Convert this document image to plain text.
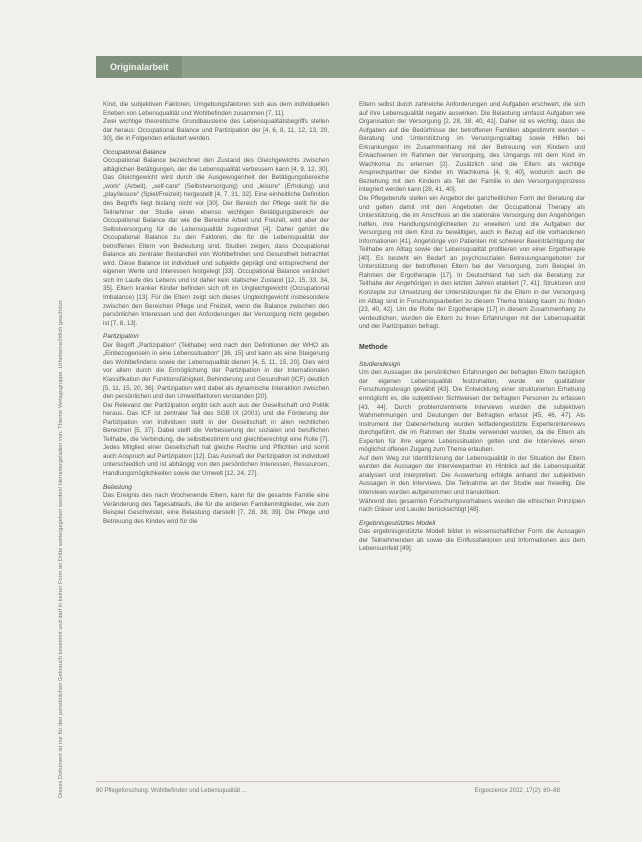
Originalarbeit
Dieses Dokument ist nur für den persönlichen Gebrauch bestimmt und darf in keiner Form an Dritte weitergegeben werden! Heruntergeladen von: Thieme Verlagsgruppe. Urheberrechtlich geschützt.

Kind, die subjektiven Faktoren, Umgebungsfaktoren sich aus dem individuellen Erleben von Lebensqualität und Wohlbefinden zusammen [7, 11].

Zwei wichtige theoretische Grundbausteine des Lebensqualitätsbegriffs stellen dar heraus: Occupational Balance und Partizipation der [4, 6, 8, 11, 12, 13, 20, 30], die in Folgenden erläutert werden.

Occupational Balance

Occupational Balance bezeichnet den Zustand des Gleichgewichts zwischen alltäglichen Betätigungen, der die Lebensqualität verbessern kann [4, 9, 12, 30]. Das Gleichgewicht wird durch die Ausgewogenheit der Betätigungsbereiche „work“ (Arbeit), „self-care“ (Selbstversorgung) und „leisure“ (Erholung) und „play/leisure“ (Spiel/Freizeit) hergestellt [4, 7, 31, 32]. Eine einheitliche Definition des Begriffs liegt bislang nicht vor [30]. Der Bereich der Pflege stellt für die Teilnehmer der Studie einen ebenso wichtigen Betätigungsbereich der Occupational Balance dar wie die Bereiche Arbeit und Freizeit, wird aber der Selbstversorgung für die Lebensqualität zugeordnet [4]. Daher gehört die Occupational Balance zu den Faktoren, die für die Lebensqualität der betroffenen Eltern von Bedeutung sind. Studien zeigen, dass Occupational Balance als zentraler Bestandteil von Wohlbefinden und Gesundheit betrachtet wird. Diese Balance ist individuell und subjektiv geprägt und entsprechend der eigenen Werte und Interessen festgelegt [33]. Occupational Balance verändert sich im Laufe des Lebens und ist daher kein statischer Zustand [12, 15, 33, 34, 35]. Eltern kranker Kinder befinden sich oft im Ungleichgewicht (Occupational Imbalance) [13]. Für die Eltern zeigt sich dieses Ungleichgewicht insbesondere zwischen den Bereichen Pflege und Freizeit, wenn die Balance zwischen den persönlichen Interessen und den Anforderungen der Versorgung nicht gegeben ist [7, 8, 13].

Partizipation

Der Begriff „Partizipation“ (Teilhabe) wird nach den Definitionen der WHO als „Einbezogensein in eine Lebenssituation“ [36, 15] und kann als eine Steigerung des Wohlbefindens sowie der Lebensqualität dienen [4, 5, 11, 15, 20]. Dies wird vor allem durch die Ermöglichung der Partizipation in der Internationalen Klassifikation der Funktionsfähigkeit, Behinderung und Gesundheit (ICF) deutlich [5, 11, 15, 20, 36]. Partizipation wird dabei als dynamische Interaktion zwischen den persönlichen und den Umweltfaktoren verstanden [20].

Die Relevanz der Partizipation ergibt sich auch aus der Gesellschaft und Politik heraus. Das ICF ist zentraler Teil des SGB IX (2001) und die Förderung der Partizipation von Individuen stellt in der Gesellschaft in allen rechtlichen Bereichen [5, 37]. Dabei stellt die Verbesserung der sozialen und beruflichen Teilhabe, die Verbindung, die selbstbestimmt und gleichberechtigt eine Rolle [7]. Jedes Mitglied einer Gesellschaft hat gleiche Rechte und Pflichten und somit auch Anspruch auf Partizipation [12]. Das Ausmaß der Partizipation ist individuell unterschiedlich und ist abhängig von den persönlichen Interessen, Ressourcen, Handlungsmöglichkeiten sowie der Umwelt [12, 24, 27].

Belastung

Das Ereignis des nach Wochenende Eltern, kann für die gesamte Familie eine Veränderung des Tagesablaufs, die für die anderen Familienmitglieder, wie zum Beispiel Geschwister, eine Belastung darstellt [7, 28, 38, 39]. Die Pflege und Betreuung des Kindes wird für die

Eltern selbst durch zahlreiche Anforderungen und Aufgaben erschwert, die sich auf ihre Lebensqualität negativ auswirken. Die Belastung umfasst Aufgaben wie Organisation der Versorgung [2, 28, 38, 40, 41]. Daher ist es wichtig, dass die Aufgaben auf die Bedürfnisse der betroffenen Familien abgestimmt werden – Beratung und Unterstützung im Versorgungsalltag sowie Hilfen bei Erkrankungen im Zusammenhang mit der Betreuung von Kindern und Erwachsenen im Rahmen der Versorgung, des Umgangs mit dem Kind im Wachkoma zu erlernen [2]. Zusätzlich sind die Eltern als wichtige Ansprechpartner der Kinder im Wachkoma [4, 9, 40], wodurch auch die Beziehung mit den Kindern als Teil der Familie in den Versorgungsprozess integriert werden kann [28, 41, 40].

Die Pflegeberufe stellen ein Angebot der ganzheitlichen Form der Beratung dar und gelten damit mit den Angeboten der Occupational Therapy als Unterstützung, die im Anschluss an die stationäre Versorgung den Angehörigen helfen, ihre Handlungsmöglichkeiten zu erweitern und die Aufgaben der Versorgung mit dem Kind zu bewältigen, auch in Bezug auf die vorhandenen Informationen [41]. Angehörige von Patienten mit schwerer Beeinträchtigung der Teilhabe am Alltag sowie der Lebensqualität profitieren von einer Ergotherapie [40]. Es besteht ein Bedarf an psychosozialen Betreuungsangeboten zur Unterstützung der betroffenen Eltern bei der Versorgung, zum Beispiel im Rahmen der Ergotherapie [17]. In Deutschland hat sich die Beratung zur Teilhabe der Angehörigen in den letzten Jahren etabliert [7, 41]. Strukturen und Konzepte zur Umsetzung der Unterstützungen für die Eltern in der Versorgung im Alltag sind in Forschungsarbeiten zu diesem Thema bislang kaum zu finden [23, 40, 42]. Um die Rolle der Ergotherapie [17] in diesem Zusammenhang zu verdeutlichen, wurden die Eltern zu ihren Erfahrungen mit der Lebensqualität und der Partizipation befragt.

Methode
Studiendesign

Um den Aussagen die persönlichen Erfahrungen der befragten Eltern bezüglich der eigenen Lebensqualität festzuhalten, wurde ein qualitativer Forschungsdesign gewählt [43]. Die Entwicklung einer strukturierten Erhebung ermöglicht es, die subjektiven Sichtweisen der befragten Personen zu erfassen [43, 44]. Durch problemzentrierte Interviews wurden die subjektiven Wahrnehmungen und Deutungen der Befragten erfasst [45, 46, 47]. Als Instrument der Datenerhebung wurden leitfadengestützte Experteninterviews durchgeführt, die im Rahmen der Studie verwendet wurden, da die Eltern als Experten für ihre eigene Lebenssituation gelten und die Interviews einen möglichst offenen Zugang zum Thema erlauben.

Auf dem Weg zur Identifizierung der Lebensqualität in der Situation der Eltern wurden die Aussagen der Interviewpartner im Hinblick auf die Lebensqualität analysiert und interpretiert. Die Auswertung erfolgte anhand der subjektiven Aussagen in den Interviews. Die Teilnahme an der Studie war freiwillig. Die Interviews wurden aufgenommen und transkribiert.

Während des gesamten Forschungsvorhabens wurden die ethischen Prinzipien nach Gläser und Laudel berücksichtigt [48].

Ergebnisgestütztes Modell

Das ergebnisgestützte Modell bildet in wissenschaftlicher Form die Aussagen der Teilnehmenden ab sowie die Einflussfaktoren und Informationen aus dem Lebensumfeld [49].

80 Pflegeforschung: Wohlbefinden und Lebensqualität ...	Ergoscience 2022; 17(2): 80–88
